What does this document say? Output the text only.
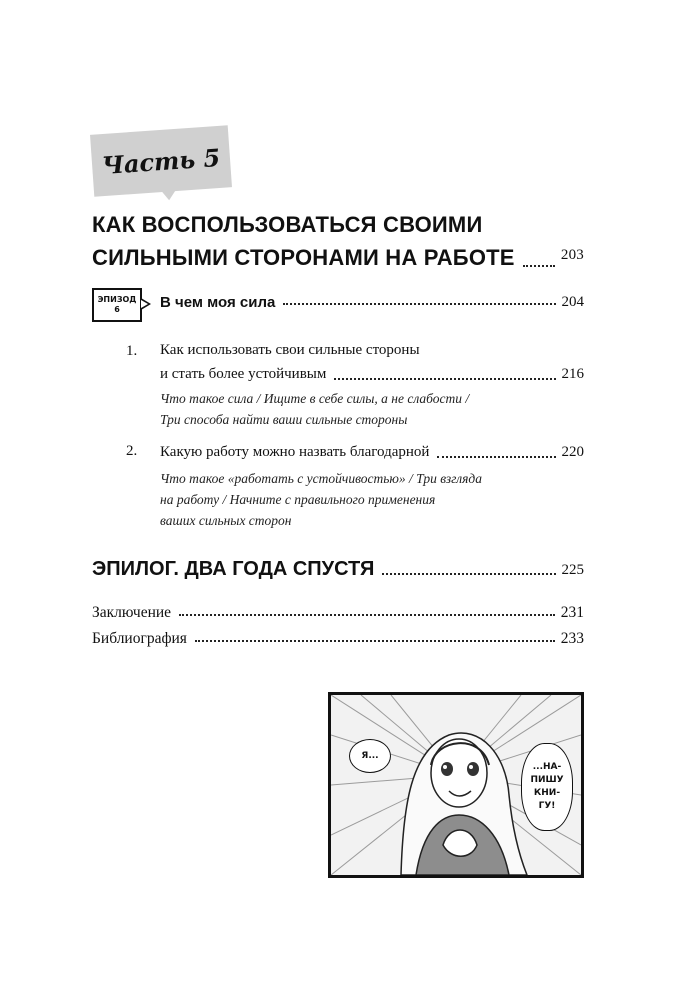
Часть 5
КАК ВОСПОЛЬЗОВАТЬСЯ СВОИМИ
СИЛЬНЫМИ СТОРОНАМИ НА РАБОТЕ	203
ЭПИЗОД
6	В чем моя сила	204
1. Как использовать свои сильные стороны
и стать более устойчивым	216
Что такое сила / Ищите в себе силы, а не слабости /
Три способа найти ваши сильные стороны
2. Какую работу можно назвать благодарной	220
Что такое «работать с устойчивостью» / Три взгляда
на работу / Начните с правильного применения
ваших сильных сторон
ЭПИЛОГ. ДВА ГОДА СПУСТЯ	225
Заключение	231
Библиография	233
Я...
...НА-
ПИШУ
КНИ-
ГУ!
